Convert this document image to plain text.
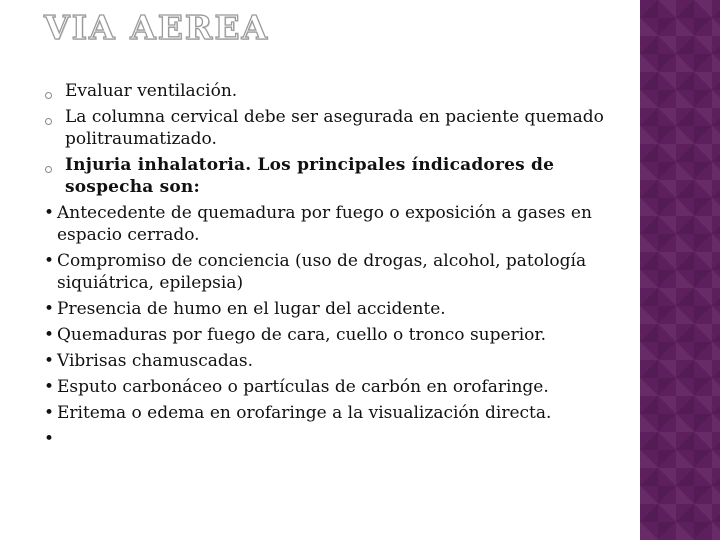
VIA AEREA
Evaluar ventilación.
La columna cervical debe ser asegurada en paciente quemado politraumatizado.
Injuria inhalatoria. Los principales índicadores de sospecha son:
• Antecedente de quemadura por fuego o exposición a gases en espacio cerrado.
• Compromiso de conciencia (uso de drogas, alcohol, patología siquiátrica, epilepsia)
• Presencia de humo en el lugar del accidente.
• Quemaduras por fuego de cara, cuello o tronco superior.
• Vibrisas chamuscadas.
• Esputo carbonáceo o partículas de carbón en orofaringe.
• Eritema o edema en orofaringe a la visualización directa.
•
